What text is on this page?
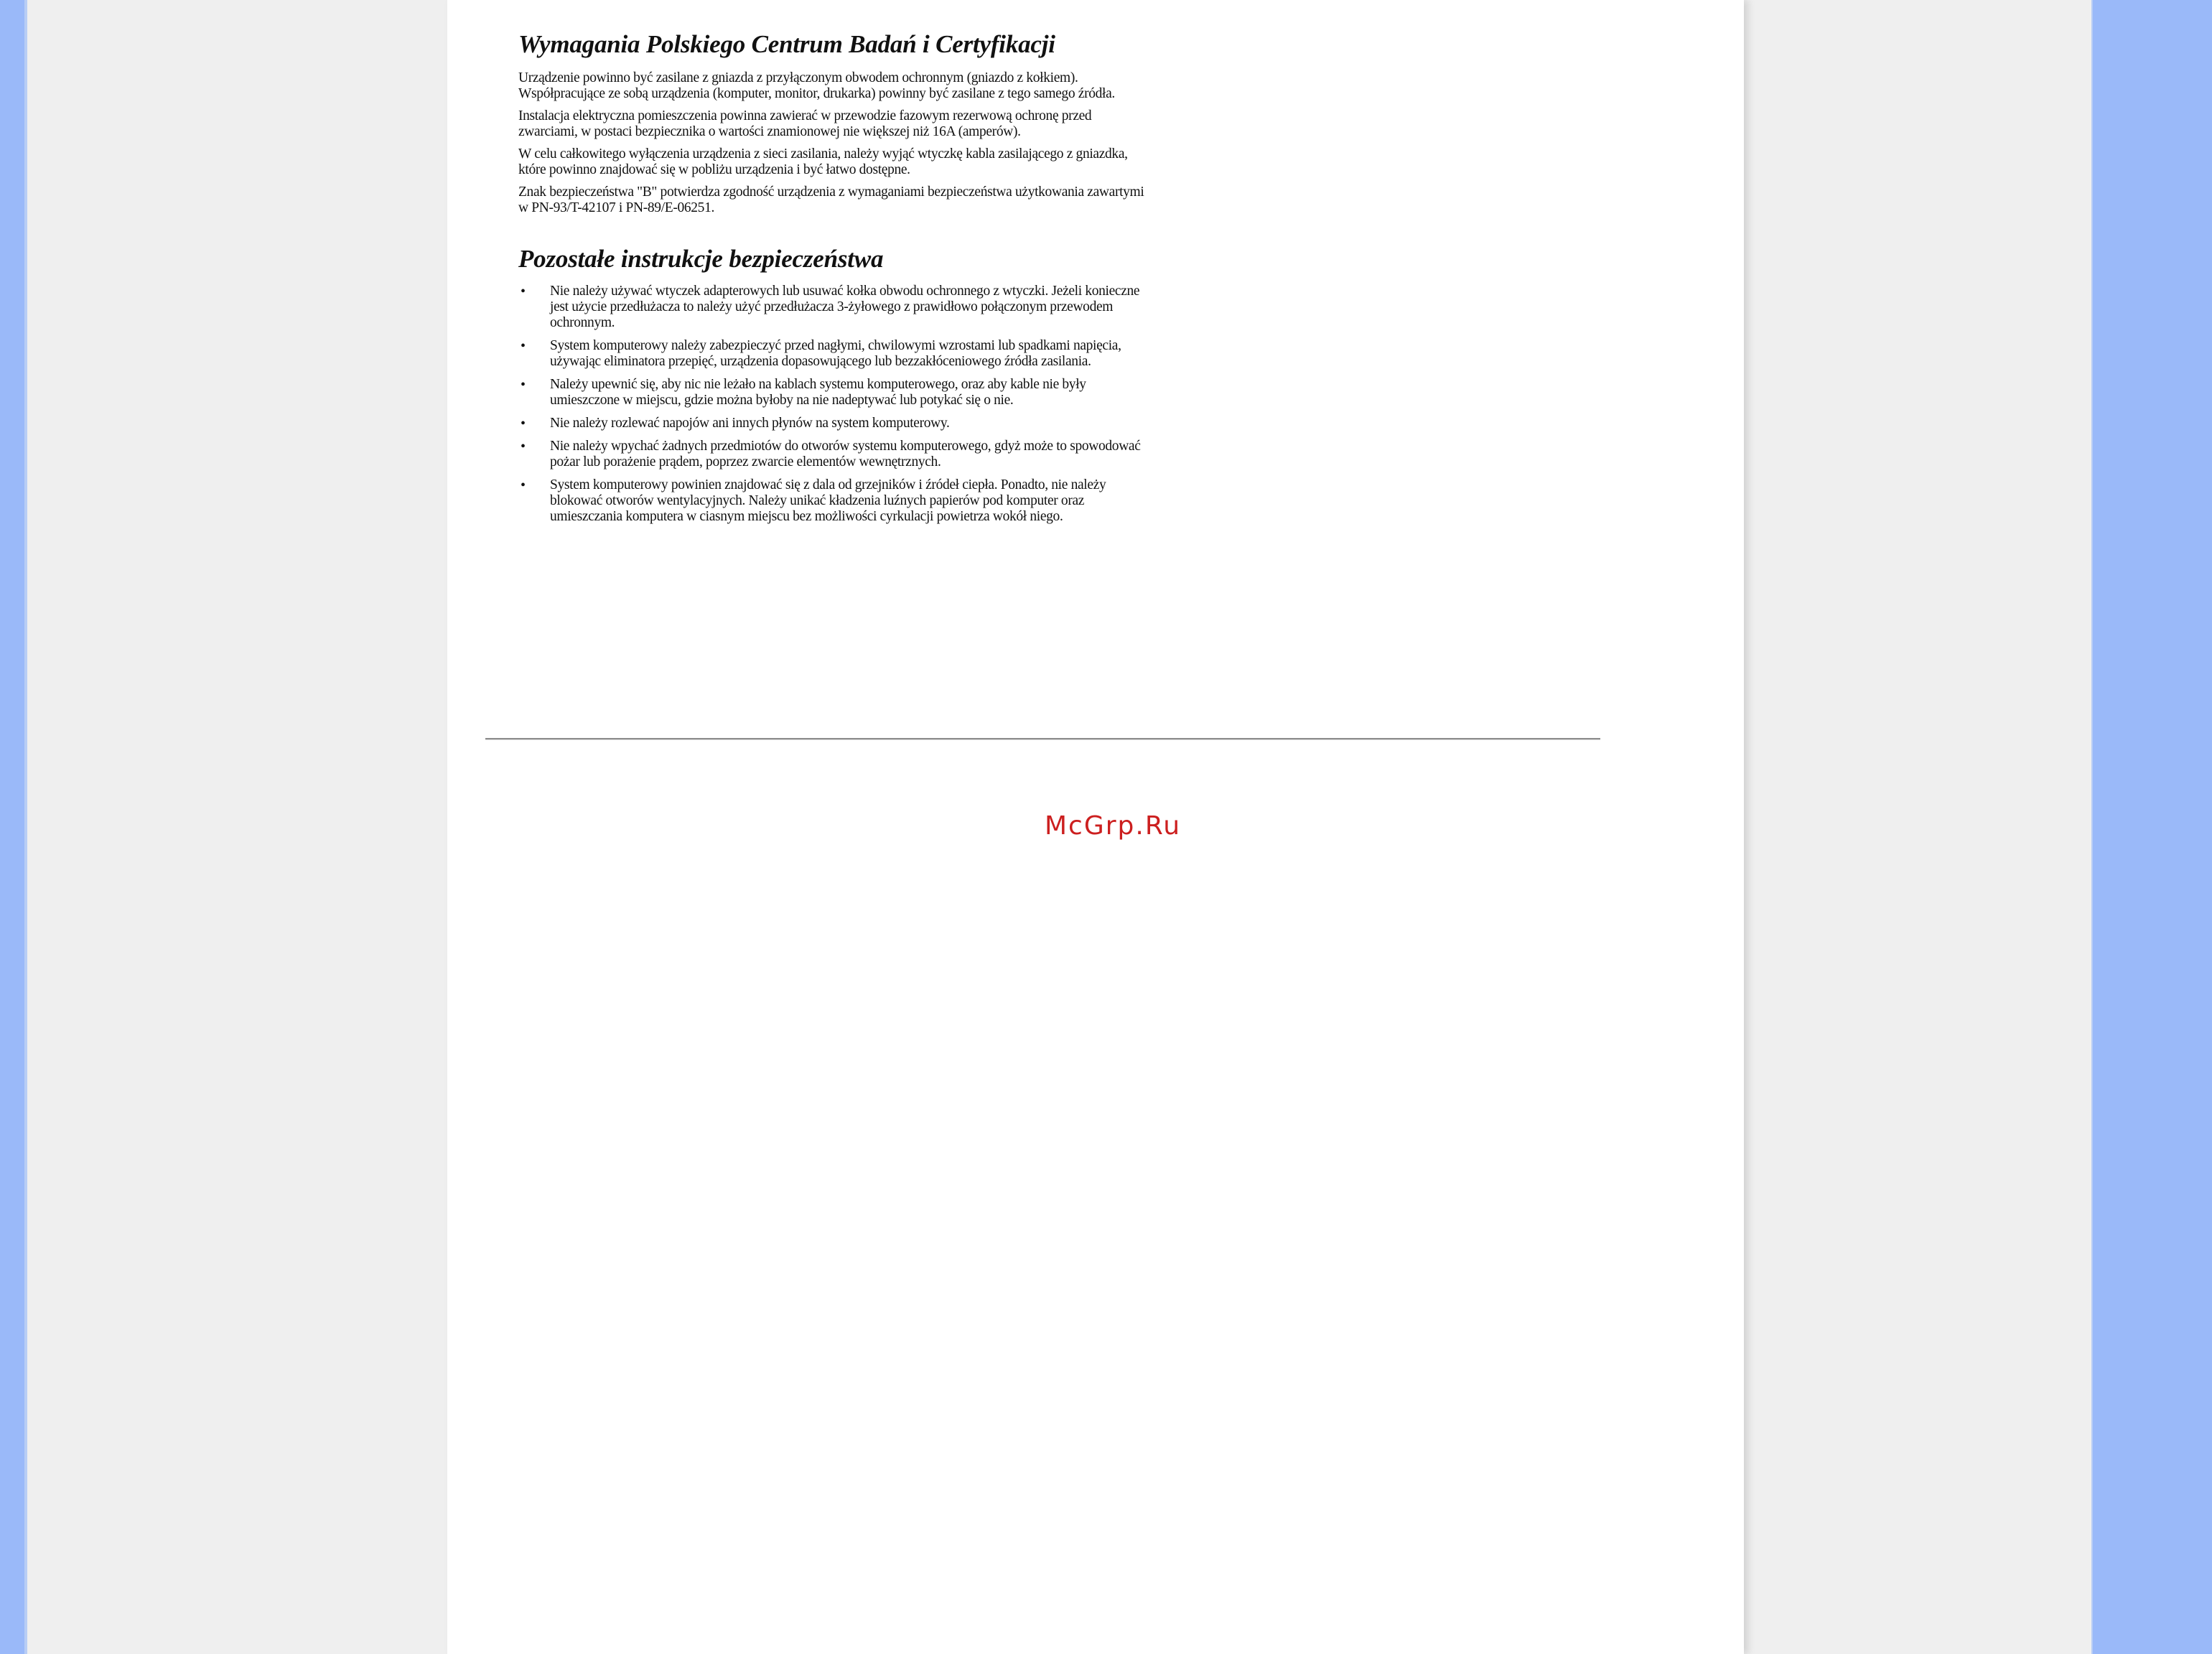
Wymagania Polskiego Centrum Badań i Certyfikacji

Urządzenie powinno być zasilane z gniazda z przyłączonym obwodem ochronnym (gniazdo z kołkiem). Współpracujące ze sobą urządzenia (komputer, monitor, drukarka) powinny być zasilane z tego samego źródła.

Instalacja elektryczna pomieszczenia powinna zawierać w przewodzie fazowym rezerwową ochronę przed zwarciami, w postaci bezpiecznika o wartości znamionowej nie większej niż 16A (amperów).

W celu całkowitego wyłączenia urządzenia z sieci zasilania, należy wyjąć wtyczkę kabla zasilającego z gniazdka, które powinno znajdować się w pobliżu urządzenia i być łatwo dostępne.

Znak bezpieczeństwa "B" potwierdza zgodność urządzenia z wymaganiami bezpieczeństwa użytkowania zawartymi w PN-93/T-42107 i PN-89/E-06251.

Pozostałe instrukcje bezpieczeństwa
• Nie należy używać wtyczek adapterowych lub usuwać kołka obwodu ochronnego z wtyczki. Jeżeli konieczne jest użycie przedłużacza to należy użyć przedłużacza 3-żyłowego z prawidłowo połączonym przewodem ochronnym.
• System komputerowy należy zabezpieczyć przed nagłymi, chwilowymi wzrostami lub spadkami napięcia, używając eliminatora przepięć, urządzenia dopasowującego lub bezzakłóceniowego źródła zasilania.
• Należy upewnić się, aby nic nie leżało na kablach systemu komputerowego, oraz aby kable nie były umieszczone w miejscu, gdzie można byłoby na nie nadeptywać lub potykać się o nie.
• Nie należy rozlewać napojów ani innych płynów na system komputerowy.
• Nie należy wpychać żadnych przedmiotów do otworów systemu komputerowego, gdyż może to spowodować pożar lub porażenie prądem, poprzez zwarcie elementów wewnętrznych.
• System komputerowy powinien znajdować się z dala od grzejników i źródeł ciepła. Ponadto, nie należy blokować otworów wentylacyjnych. Należy unikać kładzenia luźnych papierów pod komputer oraz umieszczania komputera w ciasnym miejscu bez możliwości cyrkulacji powietrza wokół niego.
McGrp.Ru
